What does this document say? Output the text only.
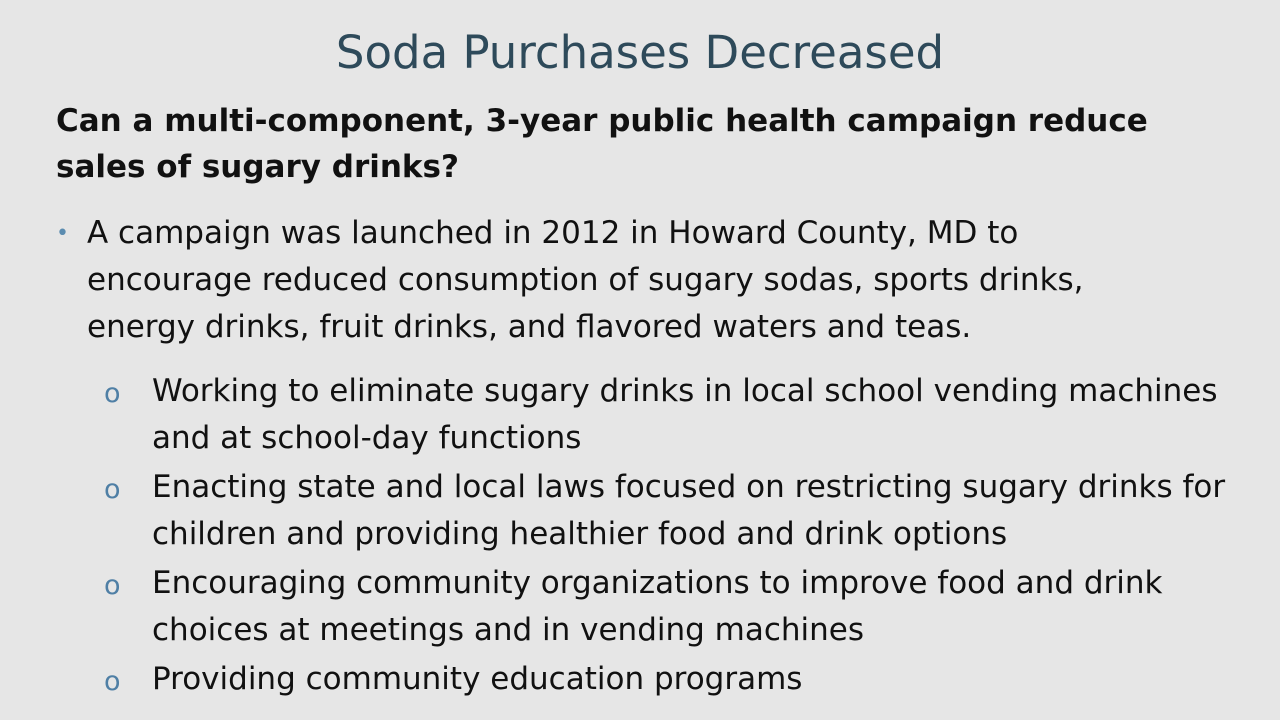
Soda Purchases Decreased

Can a multi-component, 3-year public health campaign reduce sales of sugary drinks?

• A campaign was launched in 2012 in Howard County, MD to encourage reduced consumption of sugary sodas, sports drinks, energy drinks, fruit drinks, and flavored waters and teas.
o Working to eliminate sugary drinks in local school vending machines and at school-day functions
o Enacting state and local laws focused on restricting sugary drinks for children and providing healthier food and drink options
o Encouraging community organizations to improve food and drink choices at meetings and in vending machines
o Providing community education programs
